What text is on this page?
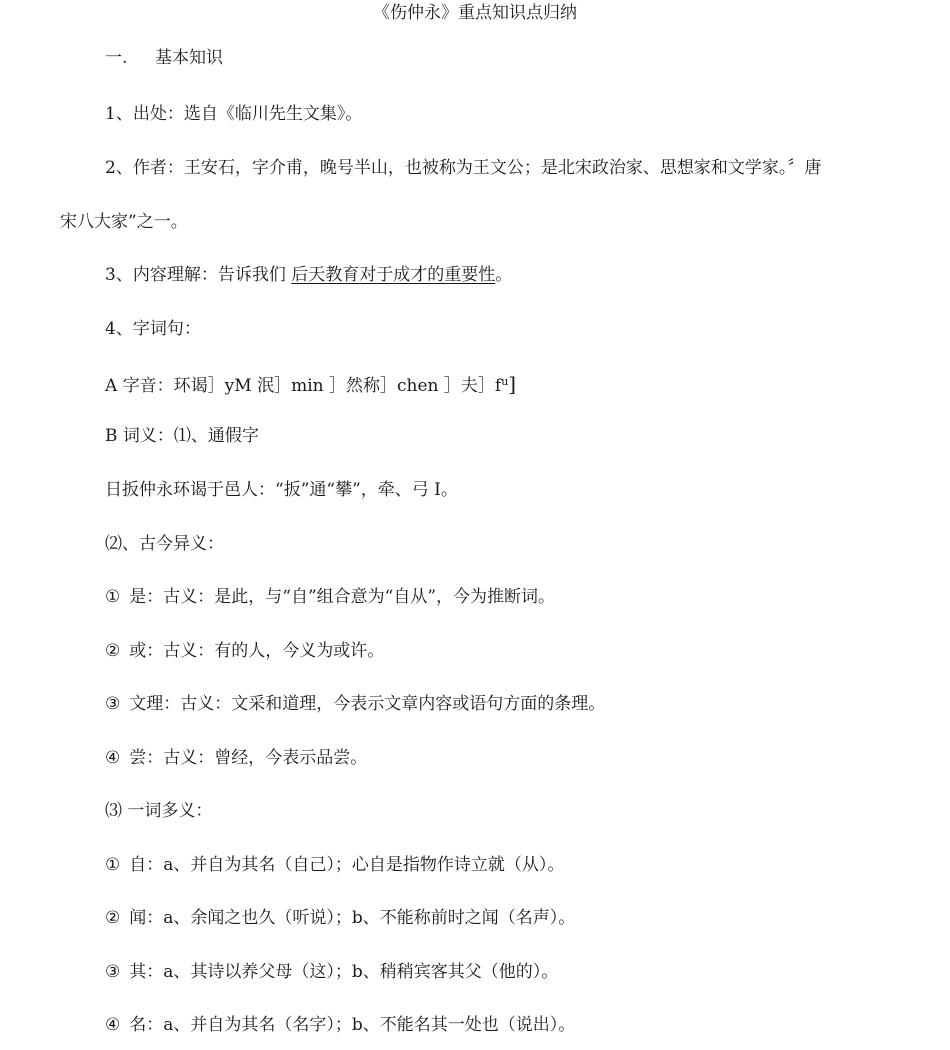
《伤仲永》重点知识点归纳
一. 基本知识
1、出处：选自《临川先生文集》。
2、作者：王安石，字介甫，晚号半山，也被称为王文公；是北宋政治家、思想家和文学家。〞唐
宋八大家”之一。
3、内容理解：告诉我们 后天教育对于成才的重要性。
4、字词句：
A 字音：环谒］yM 泯］min ］然称］chen ］夫$]f^u$]
B 词义：⑴、通假字
日扳仲永环谒于邑人：“扳”通“攀”，牵、弓 I。
⑵、古今异义：
① 是：古义：是此，与“自”组合意为“自从”，今为推断词。
② 或：古义：有的人，今义为或许。
③ 文理：古义：文采和道理，今表示文章内容或语句方面的条理。
④ 尝：古义：曾经，今表示品尝。
⑶ 一词多义：
① 自：a、并自为其名（自己）；心自是指物作诗立就（从）。
② 闻：a、余闻之也久（听说）；b、不能称前时之闻（名声）。
③ 其：a、其诗以养父母（这）；b、稍稍宾客其父（他的）。
④ 名：a、并自为其名（名字）；b、不能名其一处也（说出）。
